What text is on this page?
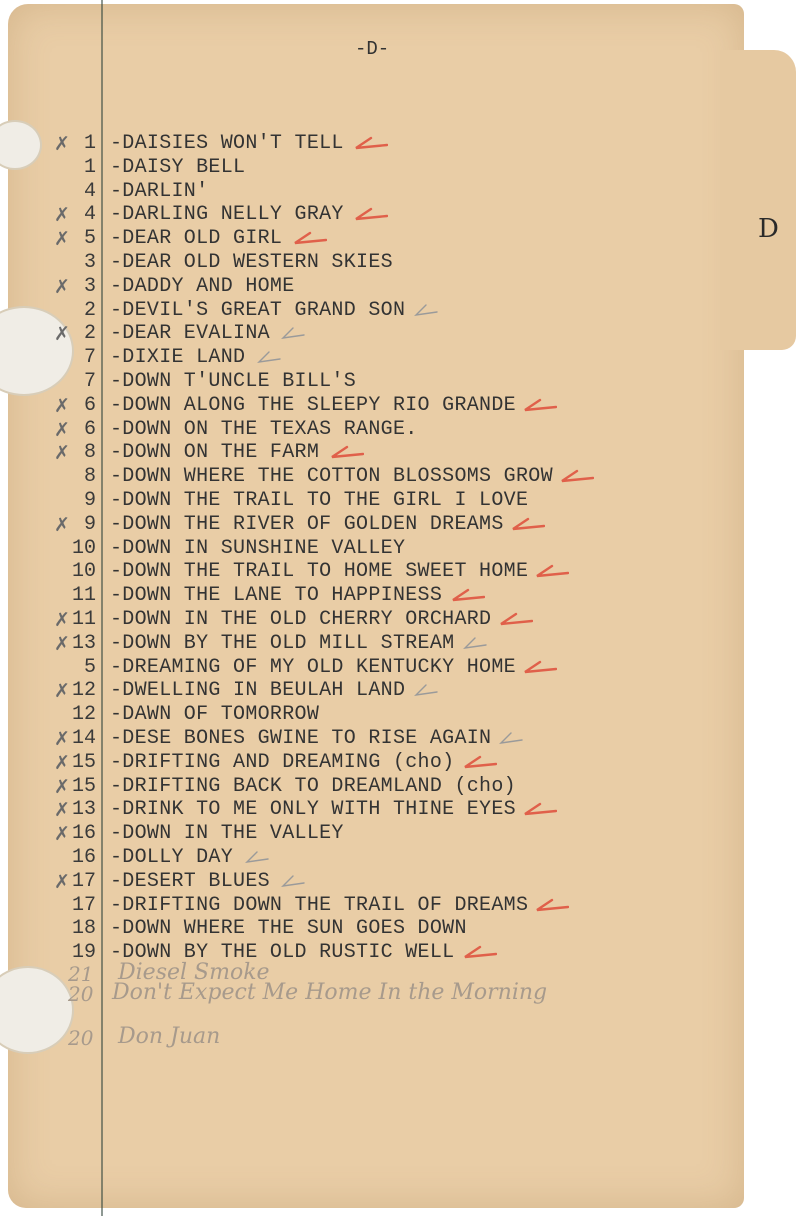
D
-D-
✗ 1 -DAISIES WON'T TELL
1 -DAISY BELL
4 -DARLIN'
✗ 4 -DARLING NELLY GRAY
✗ 5 -DEAR OLD GIRL
3 -DEAR OLD WESTERN SKIES
✗ 3 -DADDY AND HOME
2 -DEVIL'S GREAT GRAND SON
✗ 2 -DEAR EVALINA
7 -DIXIE LAND
7 -DOWN T'UNCLE BILL'S
✗ 6 -DOWN ALONG THE SLEEPY RIO GRANDE
✗ 6 -DOWN ON THE TEXAS RANGE.
✗ 8 -DOWN ON THE FARM
8 -DOWN WHERE THE COTTON BLOSSOMS GROW
9 -DOWN THE TRAIL TO THE GIRL I LOVE
✗ 9 -DOWN THE RIVER OF GOLDEN DREAMS
10 -DOWN IN SUNSHINE VALLEY
10 -DOWN THE TRAIL TO HOME SWEET HOME
11 -DOWN THE LANE TO HAPPINESS
✗ 11 -DOWN IN THE OLD CHERRY ORCHARD
✗ 13 -DOWN BY THE OLD MILL STREAM
5 -DREAMING OF MY OLD KENTUCKY HOME
✗ 12 -DWELLING IN BEULAH LAND
12 -DAWN OF TOMORROW
✗ 14 -DESE BONES GWINE TO RISE AGAIN
✗ 15 -DRIFTING AND DREAMING (cho)
✗ 15 -DRIFTING BACK TO DREAMLAND (cho)
✗ 13 -DRINK TO ME ONLY WITH THINE EYES
✗ 16 -DOWN IN THE VALLEY
16 -DOLLY DAY
✗ 17 -DESERT BLUES
17 -DRIFTING DOWN THE TRAIL OF DREAMS
18 -DOWN WHERE THE SUN GOES DOWN
19 -DOWN BY THE OLD RUSTIC WELL
21 Diesel Smoke
20 Don't Expect Me Home In the Morning
20 Don Juan
